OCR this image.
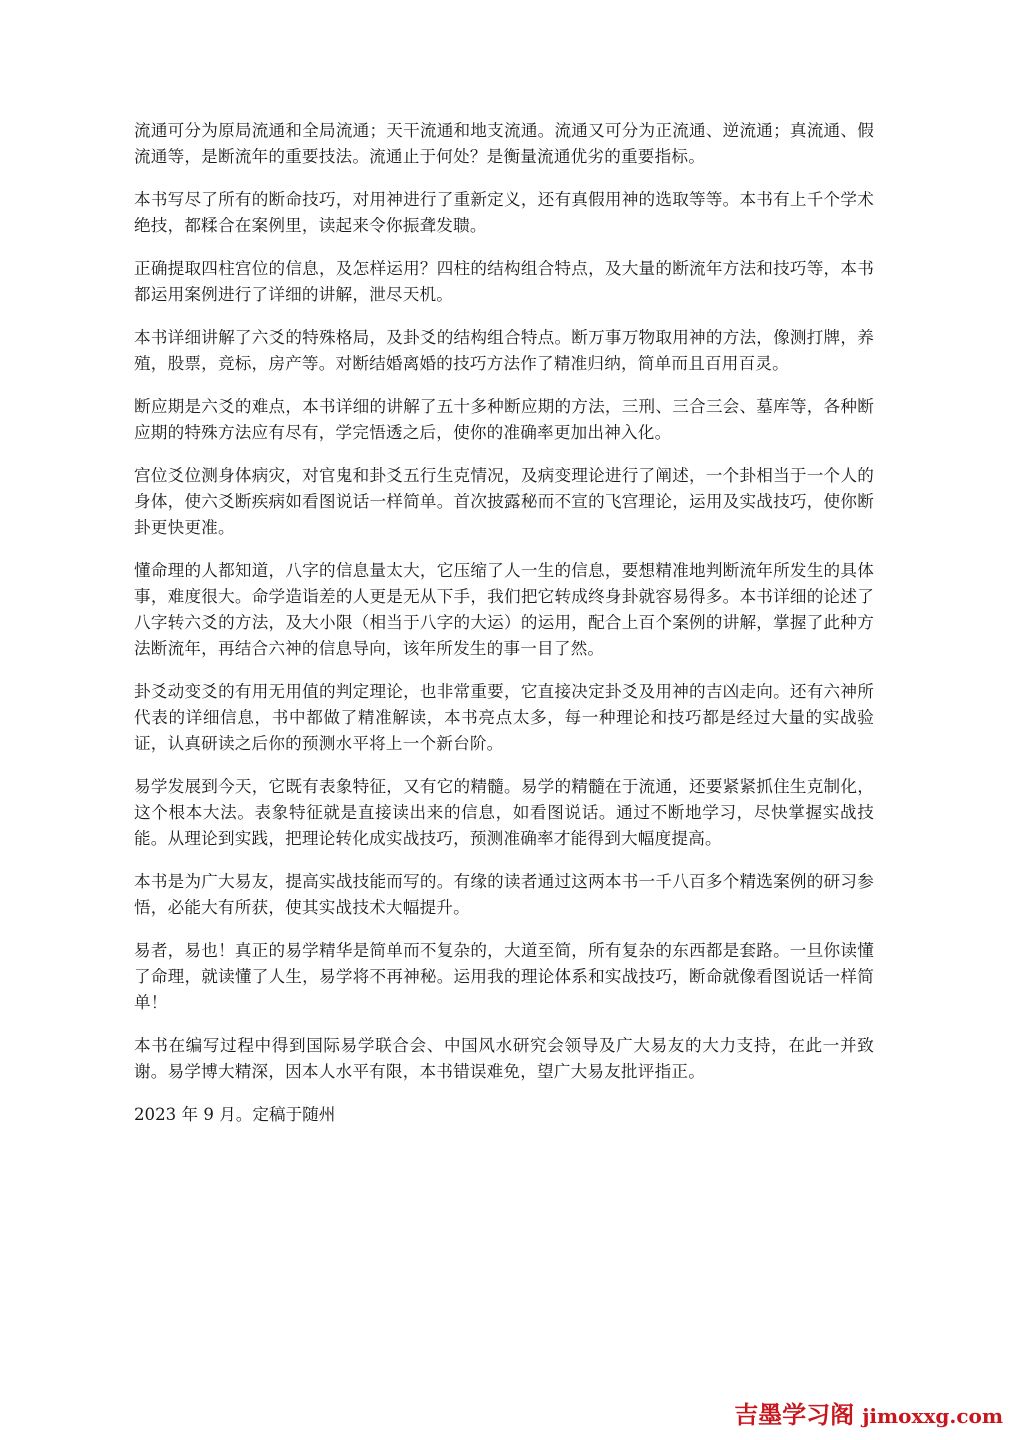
流通可分为原局流通和全局流通；天干流通和地支流通。流通又可分为正流通、逆流通；真流通、假流通等，是断流年的重要技法。流通止于何处？是衡量流通优劣的重要指标。

本书写尽了所有的断命技巧，对用神进行了重新定义，还有真假用神的选取等等。本书有上千个学术绝技，都糅合在案例里，读起来令你振聋发聩。

正确提取四柱宫位的信息，及怎样运用？四柱的结构组合特点，及大量的断流年方法和技巧等，本书都运用案例进行了详细的讲解，泄尽天机。

本书详细讲解了六爻的特殊格局，及卦爻的结构组合特点。断万事万物取用神的方法，像测打牌，养殖，股票，竞标，房产等。对断结婚离婚的技巧方法作了精准归纳，简单而且百用百灵。

断应期是六爻的难点，本书详细的讲解了五十多种断应期的方法，三刑、三合三会、墓库等，各种断应期的特殊方法应有尽有，学完悟透之后，使你的准确率更加出神入化。

宫位爻位测身体病灾，对官鬼和卦爻五行生克情况，及病变理论进行了阐述，一个卦相当于一个人的身体，使六爻断疾病如看图说话一样简单。首次披露秘而不宣的飞宫理论，运用及实战技巧，使你断卦更快更准。

懂命理的人都知道，八字的信息量太大，它压缩了人一生的信息，要想精准地判断流年所发生的具体事，难度很大。命学造诣差的人更是无从下手，我们把它转成终身卦就容易得多。本书详细的论述了八字转六爻的方法，及大小限（相当于八字的大运）的运用，配合上百个案例的讲解，掌握了此种方法断流年，再结合六神的信息导向，该年所发生的事一目了然。

卦爻动变爻的有用无用值的判定理论，也非常重要，它直接决定卦爻及用神的吉凶走向。还有六神所代表的详细信息，书中都做了精准解读，本书亮点太多，每一种理论和技巧都是经过大量的实战验证，认真研读之后你的预测水平将上一个新台阶。

易学发展到今天，它既有表象特征，又有它的精髓。易学的精髓在于流通，还要紧紧抓住生克制化，这个根本大法。表象特征就是直接读出来的信息，如看图说话。通过不断地学习，尽快掌握实战技能。从理论到实践，把理论转化成实战技巧，预测准确率才能得到大幅度提高。

本书是为广大易友，提高实战技能而写的。有缘的读者通过这两本书一千八百多个精选案例的研习参悟，必能大有所获，使其实战技术大幅提升。

易者，易也！真正的易学精华是简单而不复杂的，大道至简，所有复杂的东西都是套路。一旦你读懂了命理，就读懂了人生，易学将不再神秘。运用我的理论体系和实战技巧，断命就像看图说话一样简单！

本书在编写过程中得到国际易学联合会、中国风水研究会领导及广大易友的大力支持，在此一并致谢。易学博大精深，因本人水平有限，本书错误难免，望广大易友批评指正。

2023 年 9 月。定稿于随州

吉墨学习阁 jimoxxg.com
